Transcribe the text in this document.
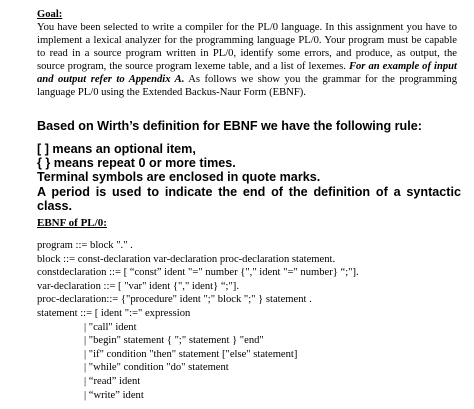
Goal:
You have been selected to write a compiler for the PL/0 language. In this assignment you have to implement a lexical analyzer for the programming language PL/0. Your program must be capable to read in a source program written in PL/0, identify some errors, and produce, as output, the source program, the source program lexeme table, and a list of lexemes. For an example of input and output refer to Appendix A. As follows we show you the grammar for the programming language PL/0 using the Extended Backus-Naur Form (EBNF).
Based on Wirth’s definition for EBNF we have the following rule:
[ ] means an optional item,
{ } means repeat 0 or more times.
Terminal symbols are enclosed in quote marks.
A period is used to indicate the end of the definition of a syntactic class.
EBNF of PL/0:
program ::= block "." .
block ::= const-declaration var-declaration proc-declaration statement.
constdeclaration ::= [ “const” ident "=" number {"," ident "=" number} “;"].
var-declaration ::= [ "var" ident {"," ident} “;"].
proc-declaration::= {"procedure" ident ";" block ";" } statement .
statement ::= [ ident ":=" expression
| "call" ident
| "begin" statement { ";" statement } "end"
| "if" condition "then" statement ["else" statement]
| "while" condition "do" statement
| “read” ident
| “write” ident
